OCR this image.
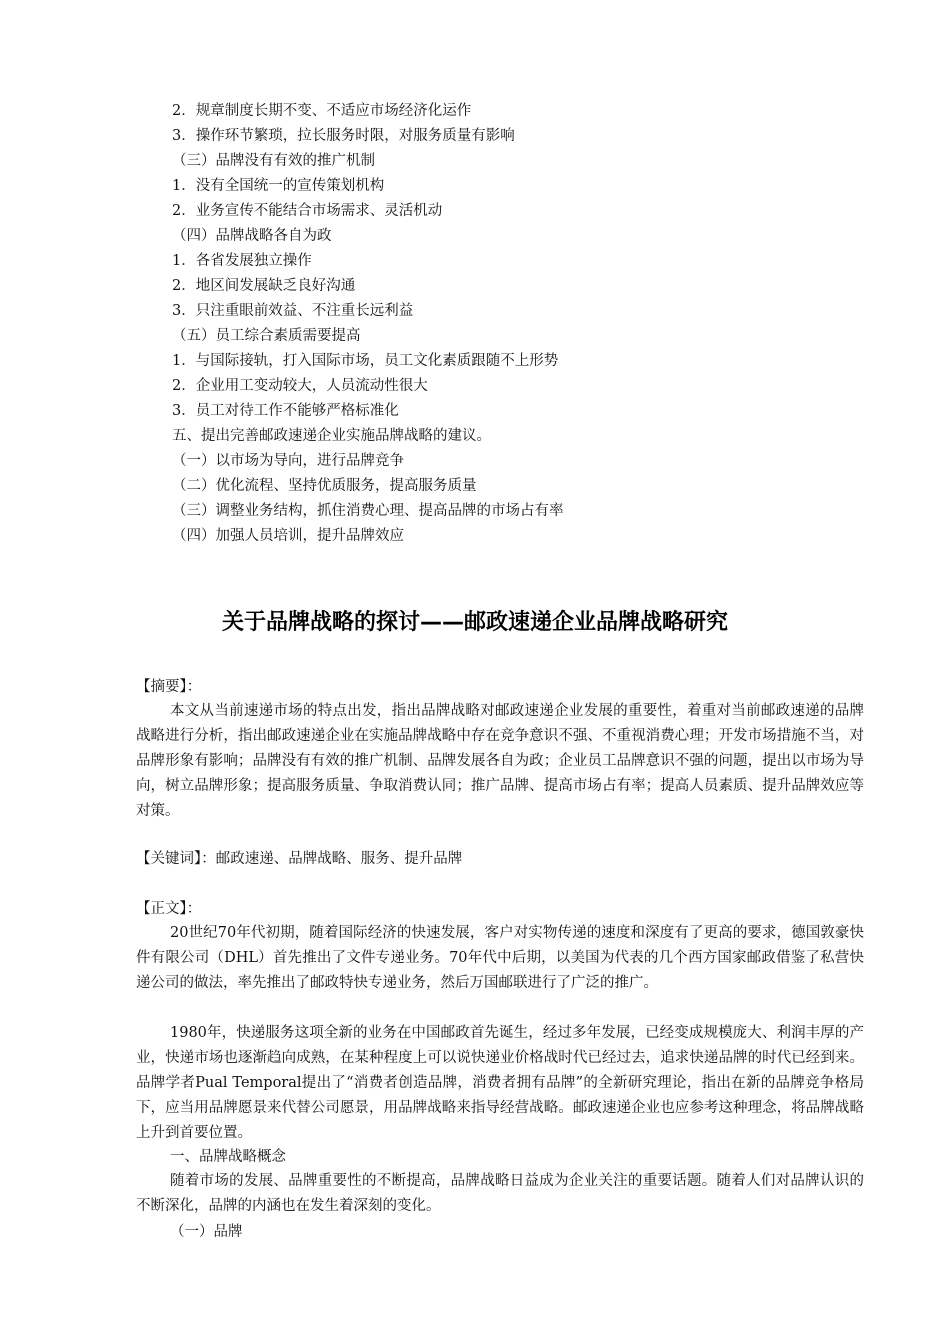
2．规章制度长期不变、不适应市场经济化运作
3．操作环节繁琐，拉长服务时限，对服务质量有影响
（三）品牌没有有效的推广机制
1．没有全国统一的宣传策划机构
2．业务宣传不能结合市场需求、灵活机动
（四）品牌战略各自为政
1．各省发展独立操作
2．地区间发展缺乏良好沟通
3．只注重眼前效益、不注重长远利益
（五）员工综合素质需要提高
1．与国际接轨，打入国际市场，员工文化素质跟随不上形势
2．企业用工变动较大，人员流动性很大
3．员工对待工作不能够严格标准化
五、提出完善邮政速递企业实施品牌战略的建议。
（一）以市场为导向，进行品牌竞争
（二）优化流程、坚持优质服务，提高服务质量
（三）调整业务结构，抓住消费心理、提高品牌的市场占有率
（四）加强人员培训，提升品牌效应
关于品牌战略的探讨——邮政速递企业品牌战略研究
【摘要】：

本文从当前速递市场的特点出发，指出品牌战略对邮政速递企业发展的重要性，着重对当前邮政速递的品牌战略进行分析，指出邮政速递企业在实施品牌战略中存在竞争意识不强、不重视消费心理；开发市场措施不当，对品牌形象有影响；品牌没有有效的推广机制、品牌发展各自为政；企业员工品牌意识不强的问题，提出以市场为导向，树立品牌形象；提高服务质量、争取消费认同；推广品牌、提高市场占有率；提高人员素质、提升品牌效应等对策。

【关键词】：邮政速递、品牌战略、服务、提升品牌
【正文】：

20世纪70年代初期，随着国际经济的快速发展，客户对实物传递的速度和深度有了更高的要求，德国敦豪快件有限公司（DHL）首先推出了文件专递业务。70年代中后期，以美国为代表的几个西方国家邮政借鉴了私营快递公司的做法，率先推出了邮政特快专递业务，然后万国邮联进行了广泛的推广。

1980年，快递服务这项全新的业务在中国邮政首先诞生，经过多年发展，已经变成规模庞大、利润丰厚的产业，快递市场也逐渐趋向成熟，在某种程度上可以说快递业价格战时代已经过去，追求快递品牌的时代已经到来。品牌学者Pual Temporal提出了“消费者创造品牌，消费者拥有品牌”的全新研究理论，指出在新的品牌竞争格局下，应当用品牌愿景来代替公司愿景，用品牌战略来指导经营战略。邮政速递企业也应参考这种理念，将品牌战略上升到首要位置。

一、品牌战略概念

随着市场的发展、品牌重要性的不断提高，品牌战略日益成为企业关注的重要话题。随着人们对品牌认识的不断深化，品牌的内涵也在发生着深刻的变化。

（一）品牌
